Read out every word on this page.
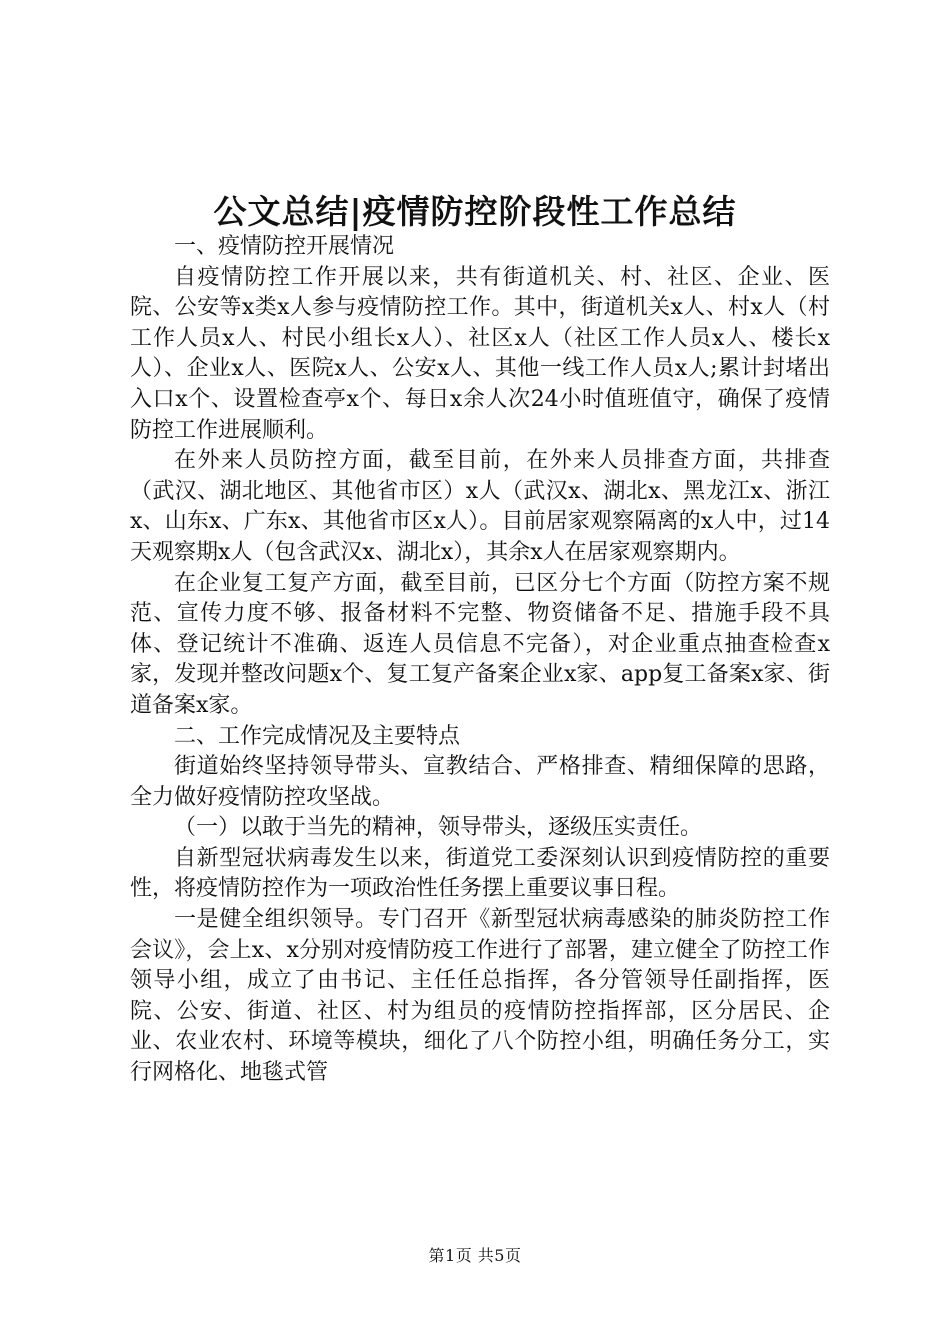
公文总结|疫情防控阶段性工作总结

一、疫情防控开展情况

自疫情防控工作开展以来，共有街道机关、村、社区、企业、医院、公安等x类x人参与疫情防控工作。其中，街道机关x人、村x人（村工作人员x人、村民小组长x人）、社区x人（社区工作人员x人、楼长x人）、企业x人、医院x人、公安x人、其他一线工作人员x人;累计封堵出入口x个、设置检查亭x个、每日x余人次24小时值班值守，确保了疫情防控工作进展顺利。

在外来人员防控方面，截至目前，在外来人员排查方面，共排查（武汉、湖北地区、其他省市区）x人（武汉x、湖北x、黑龙江x、浙江x、山东x、广东x、其他省市区x人）。目前居家观察隔离的x人中，过14天观察期x人（包含武汉x、湖北x），其余x人在居家观察期内。

在企业复工复产方面，截至目前，已区分七个方面（防控方案不规范、宣传力度不够、报备材料不完整、物资储备不足、措施手段不具体、登记统计不准确、返连人员信息不完备），对企业重点抽查检查x家，发现并整改问题x个、复工复产备案企业x家、app复工备案x家、街道备案x家。

二、工作完成情况及主要特点

街道始终坚持领导带头、宣教结合、严格排查、精细保障的思路，全力做好疫情防控攻坚战。

（一）以敢于当先的精神，领导带头，逐级压实责任。

自新型冠状病毒发生以来，街道党工委深刻认识到疫情防控的重要性，将疫情防控作为一项政治性任务摆上重要议事日程。

一是健全组织领导。专门召开《新型冠状病毒感染的肺炎防控工作会议》，会上x、x分别对疫情防疫工作进行了部署，建立健全了防控工作领导小组，成立了由书记、主任任总指挥，各分管领导任副指挥，医院、公安、街道、社区、村为组员的疫情防控指挥部，区分居民、企业、农业农村、环境等模块，细化了八个防控小组，明确任务分工，实行网格化、地毯式管

第1页 共5页
